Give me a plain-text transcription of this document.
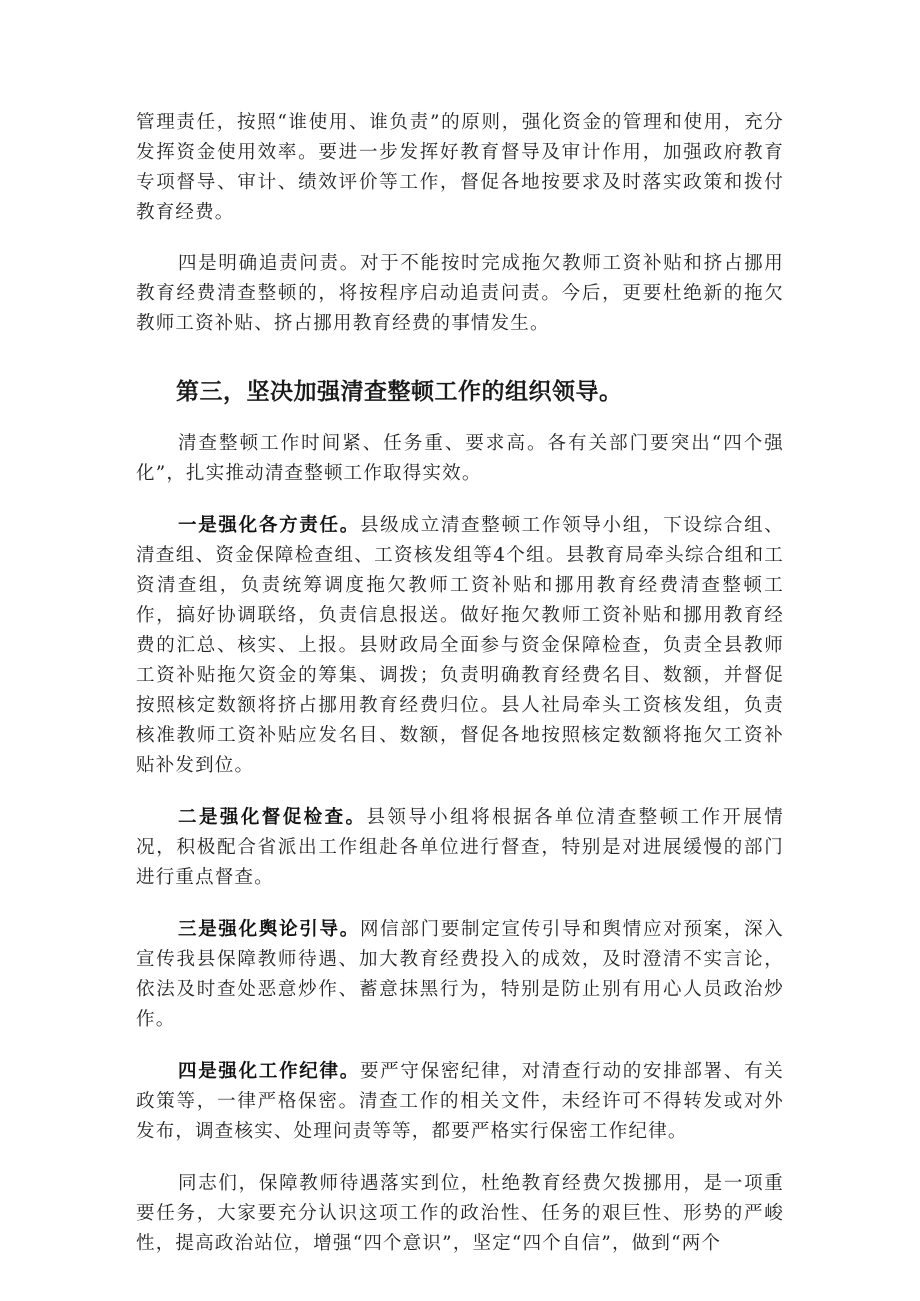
管理责任，按照“谁使用、谁负责”的原则，强化资金的管理和使用，充分发挥资金使用效率。要进一步发挥好教育督导及审计作用，加强政府教育专项督导、审计、绩效评价等工作，督促各地按要求及时落实政策和拨付教育经费。

四是明确追责问责。对于不能按时完成拖欠教师工资补贴和挤占挪用教育经费清查整顿的，将按程序启动追责问责。今后，更要杜绝新的拖欠教师工资补贴、挤占挪用教育经费的事情发生。

第三，坚决加强清查整顿工作的组织领导。

清查整顿工作时间紧、任务重、要求高。各有关部门要突出“四个强化”，扎实推动清查整顿工作取得实效。

一是强化各方责任。县级成立清查整顿工作领导小组，下设综合组、清查组、资金保障检查组、工资核发组等4个组。县教育局牵头综合组和工资清查组，负责统筹调度拖欠教师工资补贴和挪用教育经费清查整顿工作，搞好协调联络，负责信息报送。做好拖欠教师工资补贴和挪用教育经费的汇总、核实、上报。县财政局全面参与资金保障检查，负责全县教师工资补贴拖欠资金的筹集、调拨；负责明确教育经费名目、数额，并督促按照核定数额将挤占挪用教育经费归位。县人社局牵头工资核发组，负责核准教师工资补贴应发名目、数额，督促各地按照核定数额将拖欠工资补贴补发到位。

二是强化督促检查。县领导小组将根据各单位清查整顿工作开展情况，积极配合省派出工作组赴各单位进行督查，特别是对进展缓慢的部门进行重点督查。

三是强化舆论引导。网信部门要制定宣传引导和舆情应对预案，深入宣传我县保障教师待遇、加大教育经费投入的成效，及时澄清不实言论，依法及时查处恶意炒作、蓄意抹黑行为，特别是防止别有用心人员政治炒作。

四是强化工作纪律。要严守保密纪律，对清查行动的安排部署、有关政策等，一律严格保密。清查工作的相关文件，未经许可不得转发或对外发布，调查核实、处理问责等等，都要严格实行保密工作纪律。

同志们，保障教师待遇落实到位，杜绝教育经费欠拨挪用，是一项重要任务，大家要充分认识这项工作的政治性、任务的艰巨性、形势的严峻性，提高政治站位，增强“四个意识”，坚定“四个自信”，做到“两个
